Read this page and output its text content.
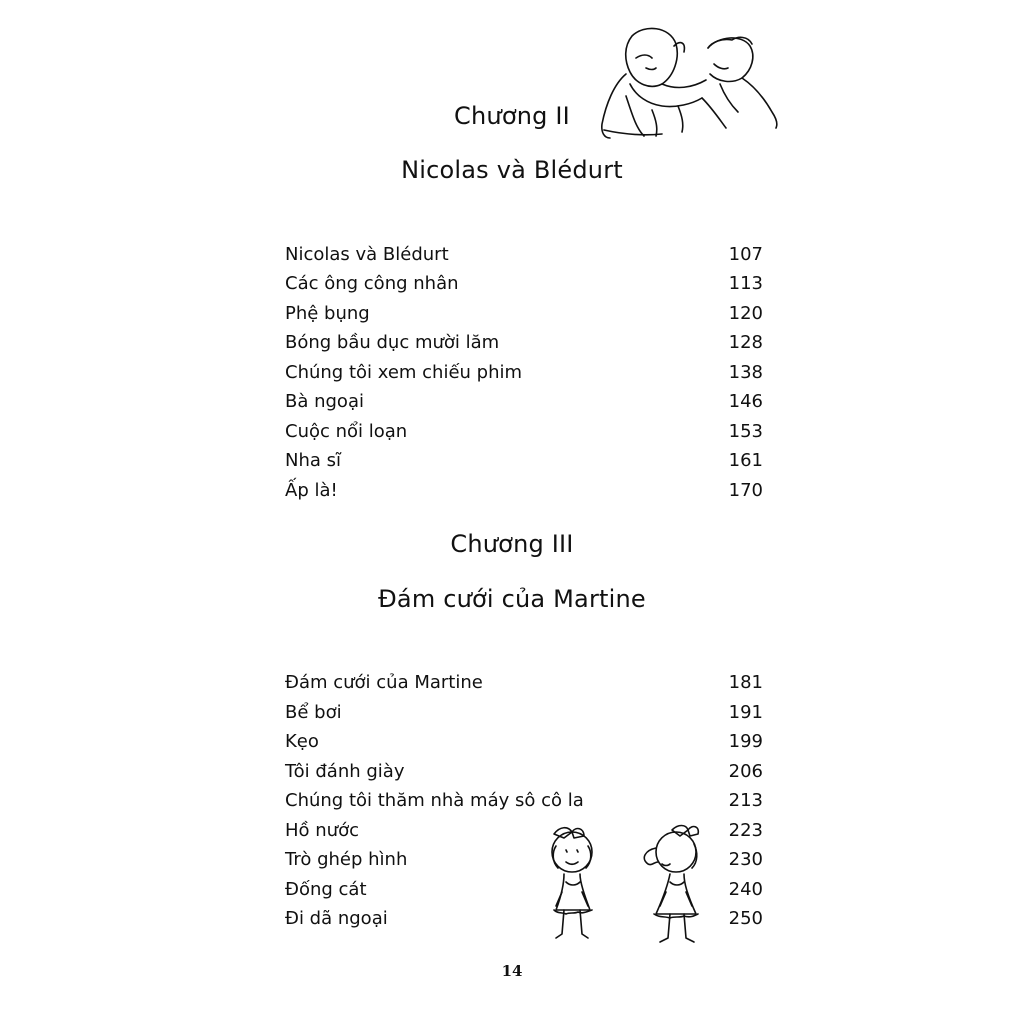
Chương II
Nicolas và Blédurt
Nicolas và Blédurt	107
Các ông công nhân	113
Phệ bụng	120
Bóng bầu dục mười lăm	128
Chúng tôi xem chiếu phim	138
Bà ngoại	146
Cuộc nổi loạn	153
Nha sĩ	161
Ấp là!	170
Chương III
Đám cưới của Martine
Đám cưới của Martine	181
Bể bơi	191
Kẹo	199
Tôi đánh giày	206
Chúng tôi thăm nhà máy sô cô la	213
Hồ nước	223
Trò ghép hình	230
Đống cát	240
Đi dã ngoại	250
14
